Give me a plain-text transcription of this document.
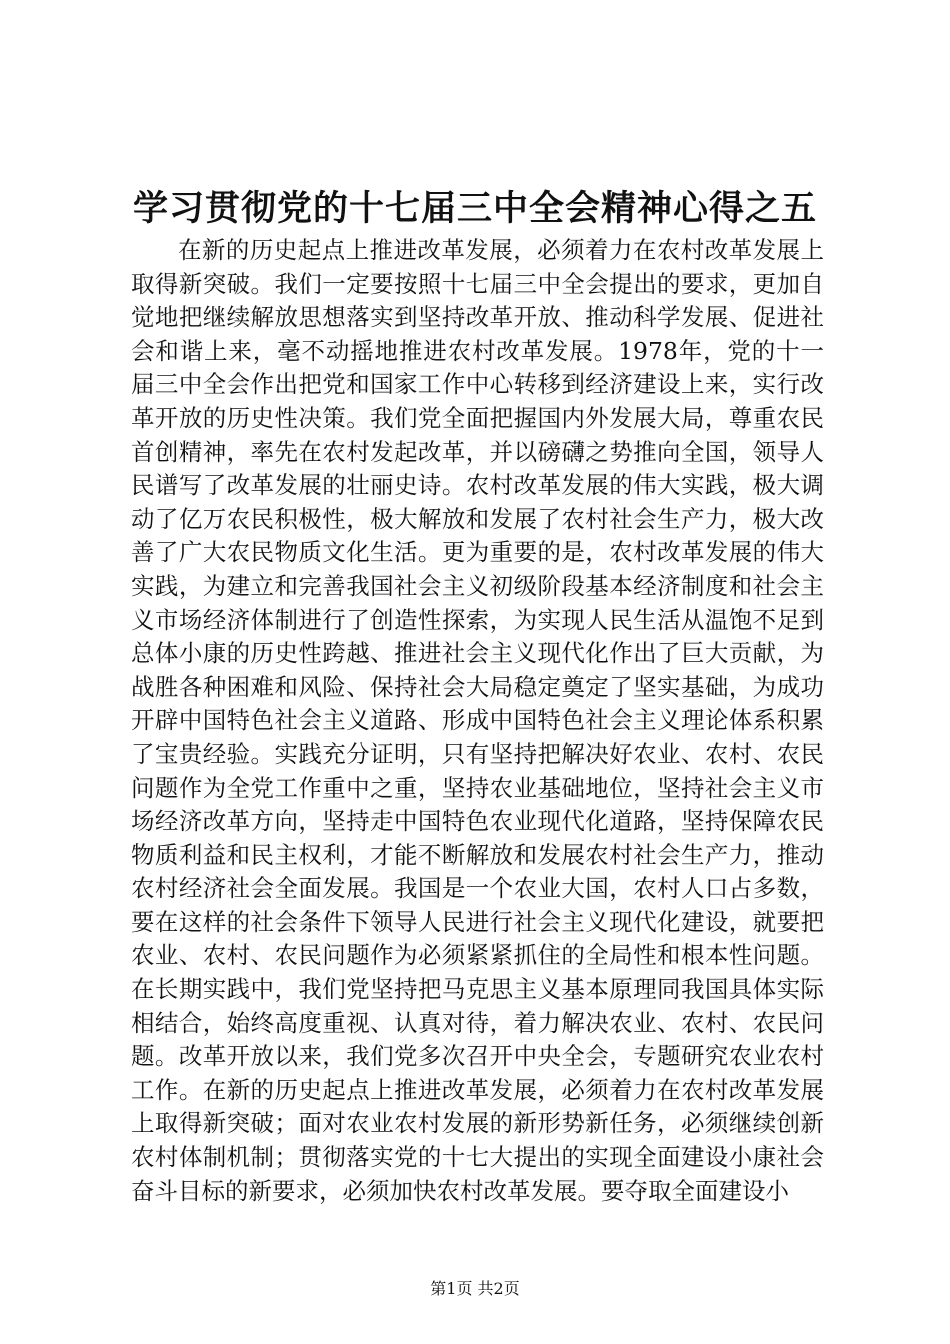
学习贯彻党的十七届三中全会精神心得之五

在新的历史起点上推进改革发展，必须着力在农村改革发展上取得新突破。我们一定要按照十七届三中全会提出的要求，更加自觉地把继续解放思想落实到坚持改革开放、推动科学发展、促进社会和谐上来，毫不动摇地推进农村改革发展。1978年，党的十一届三中全会作出把党和国家工作中心转移到经济建设上来，实行改革开放的历史性决策。我们党全面把握国内外发展大局，尊重农民首创精神，率先在农村发起改革，并以磅礴之势推向全国，领导人民谱写了改革发展的壮丽史诗。农村改革发展的伟大实践，极大调动了亿万农民积极性，极大解放和发展了农村社会生产力，极大改善了广大农民物质文化生活。更为重要的是，农村改革发展的伟大实践，为建立和完善我国社会主义初级阶段基本经济制度和社会主义市场经济体制进行了创造性探索，为实现人民生活从温饱不足到总体小康的历史性跨越、推进社会主义现代化作出了巨大贡献，为战胜各种困难和风险、保持社会大局稳定奠定了坚实基础，为成功开辟中国特色社会主义道路、形成中国特色社会主义理论体系积累了宝贵经验。实践充分证明，只有坚持把解决好农业、农村、农民问题作为全党工作重中之重，坚持农业基础地位，坚持社会主义市场经济改革方向，坚持走中国特色农业现代化道路，坚持保障农民物质利益和民主权利，才能不断解放和发展农村社会生产力，推动农村经济社会全面发展。我国是一个农业大国，农村人口占多数，要在这样的社会条件下领导人民进行社会主义现代化建设，就要把农业、农村、农民问题作为必须紧紧抓住的全局性和根本性问题。在长期实践中，我们党坚持把马克思主义基本原理同我国具体实际相结合，始终高度重视、认真对待，着力解决农业、农村、农民问题。改革开放以来，我们党多次召开中央全会，专题研究农业农村工作。在新的历史起点上推进改革发展，必须着力在农村改革发展上取得新突破；面对农业农村发展的新形势新任务，必须继续创新农村体制机制；贯彻落实党的十七大提出的实现全面建设小康社会奋斗目标的新要求，必须加快农村改革发展。要夺取全面建设小

第1页 共2页
